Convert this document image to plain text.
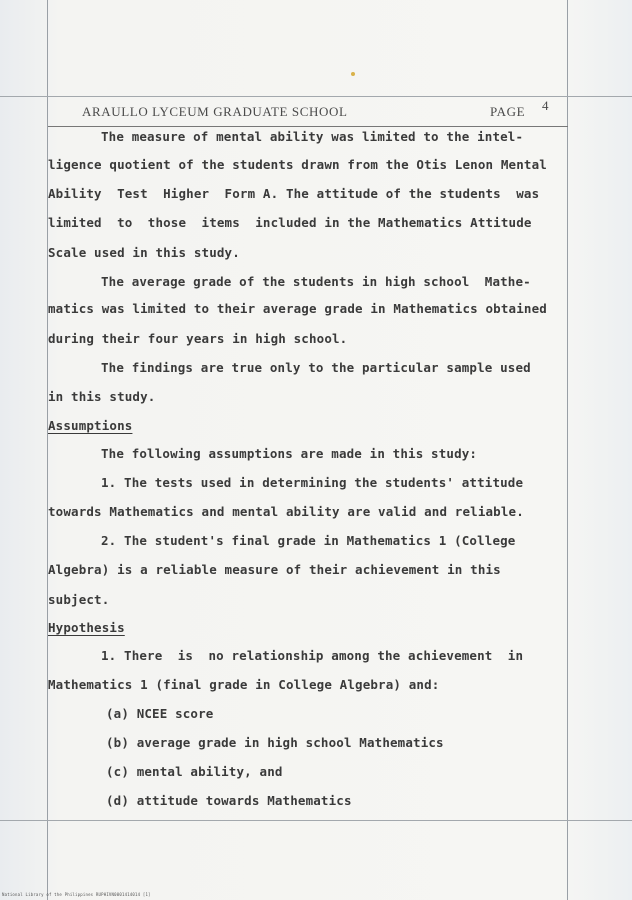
ARAULLO LYCEUM GRADUATE SCHOOL	PAGE 4

The measure of mental ability was limited to the intel-

ligence quotient of the students drawn from the Otis Lenon Mental

Ability  Test  Higher  Form A. The attitude of the students  was

limited  to  those  items  included in the Mathematics Attitude

Scale used in this study.

The average grade of the students in high school  Mathe-

matics was limited to their average grade in Mathematics obtained

during their four years in high school.

The findings are true only to the particular sample used

in this study.

Assumptions

The following assumptions are made in this study:

1. The tests used in determining the students' attitude

towards Mathematics and mental ability are valid and reliable.

2. The student's final grade in Mathematics 1 (College

Algebra) is a reliable measure of their achievement in this

subject.

Hypothesis

1. There  is  no relationship among the achievement  in

Mathematics 1 (final grade in College Algebra) and:

(a) NCEE score

(b) average grade in high school Mathematics

(c) mental ability, and

(d) attitude towards Mathematics

National Library of the Philippines RUPHIVN0001414014 [1]
